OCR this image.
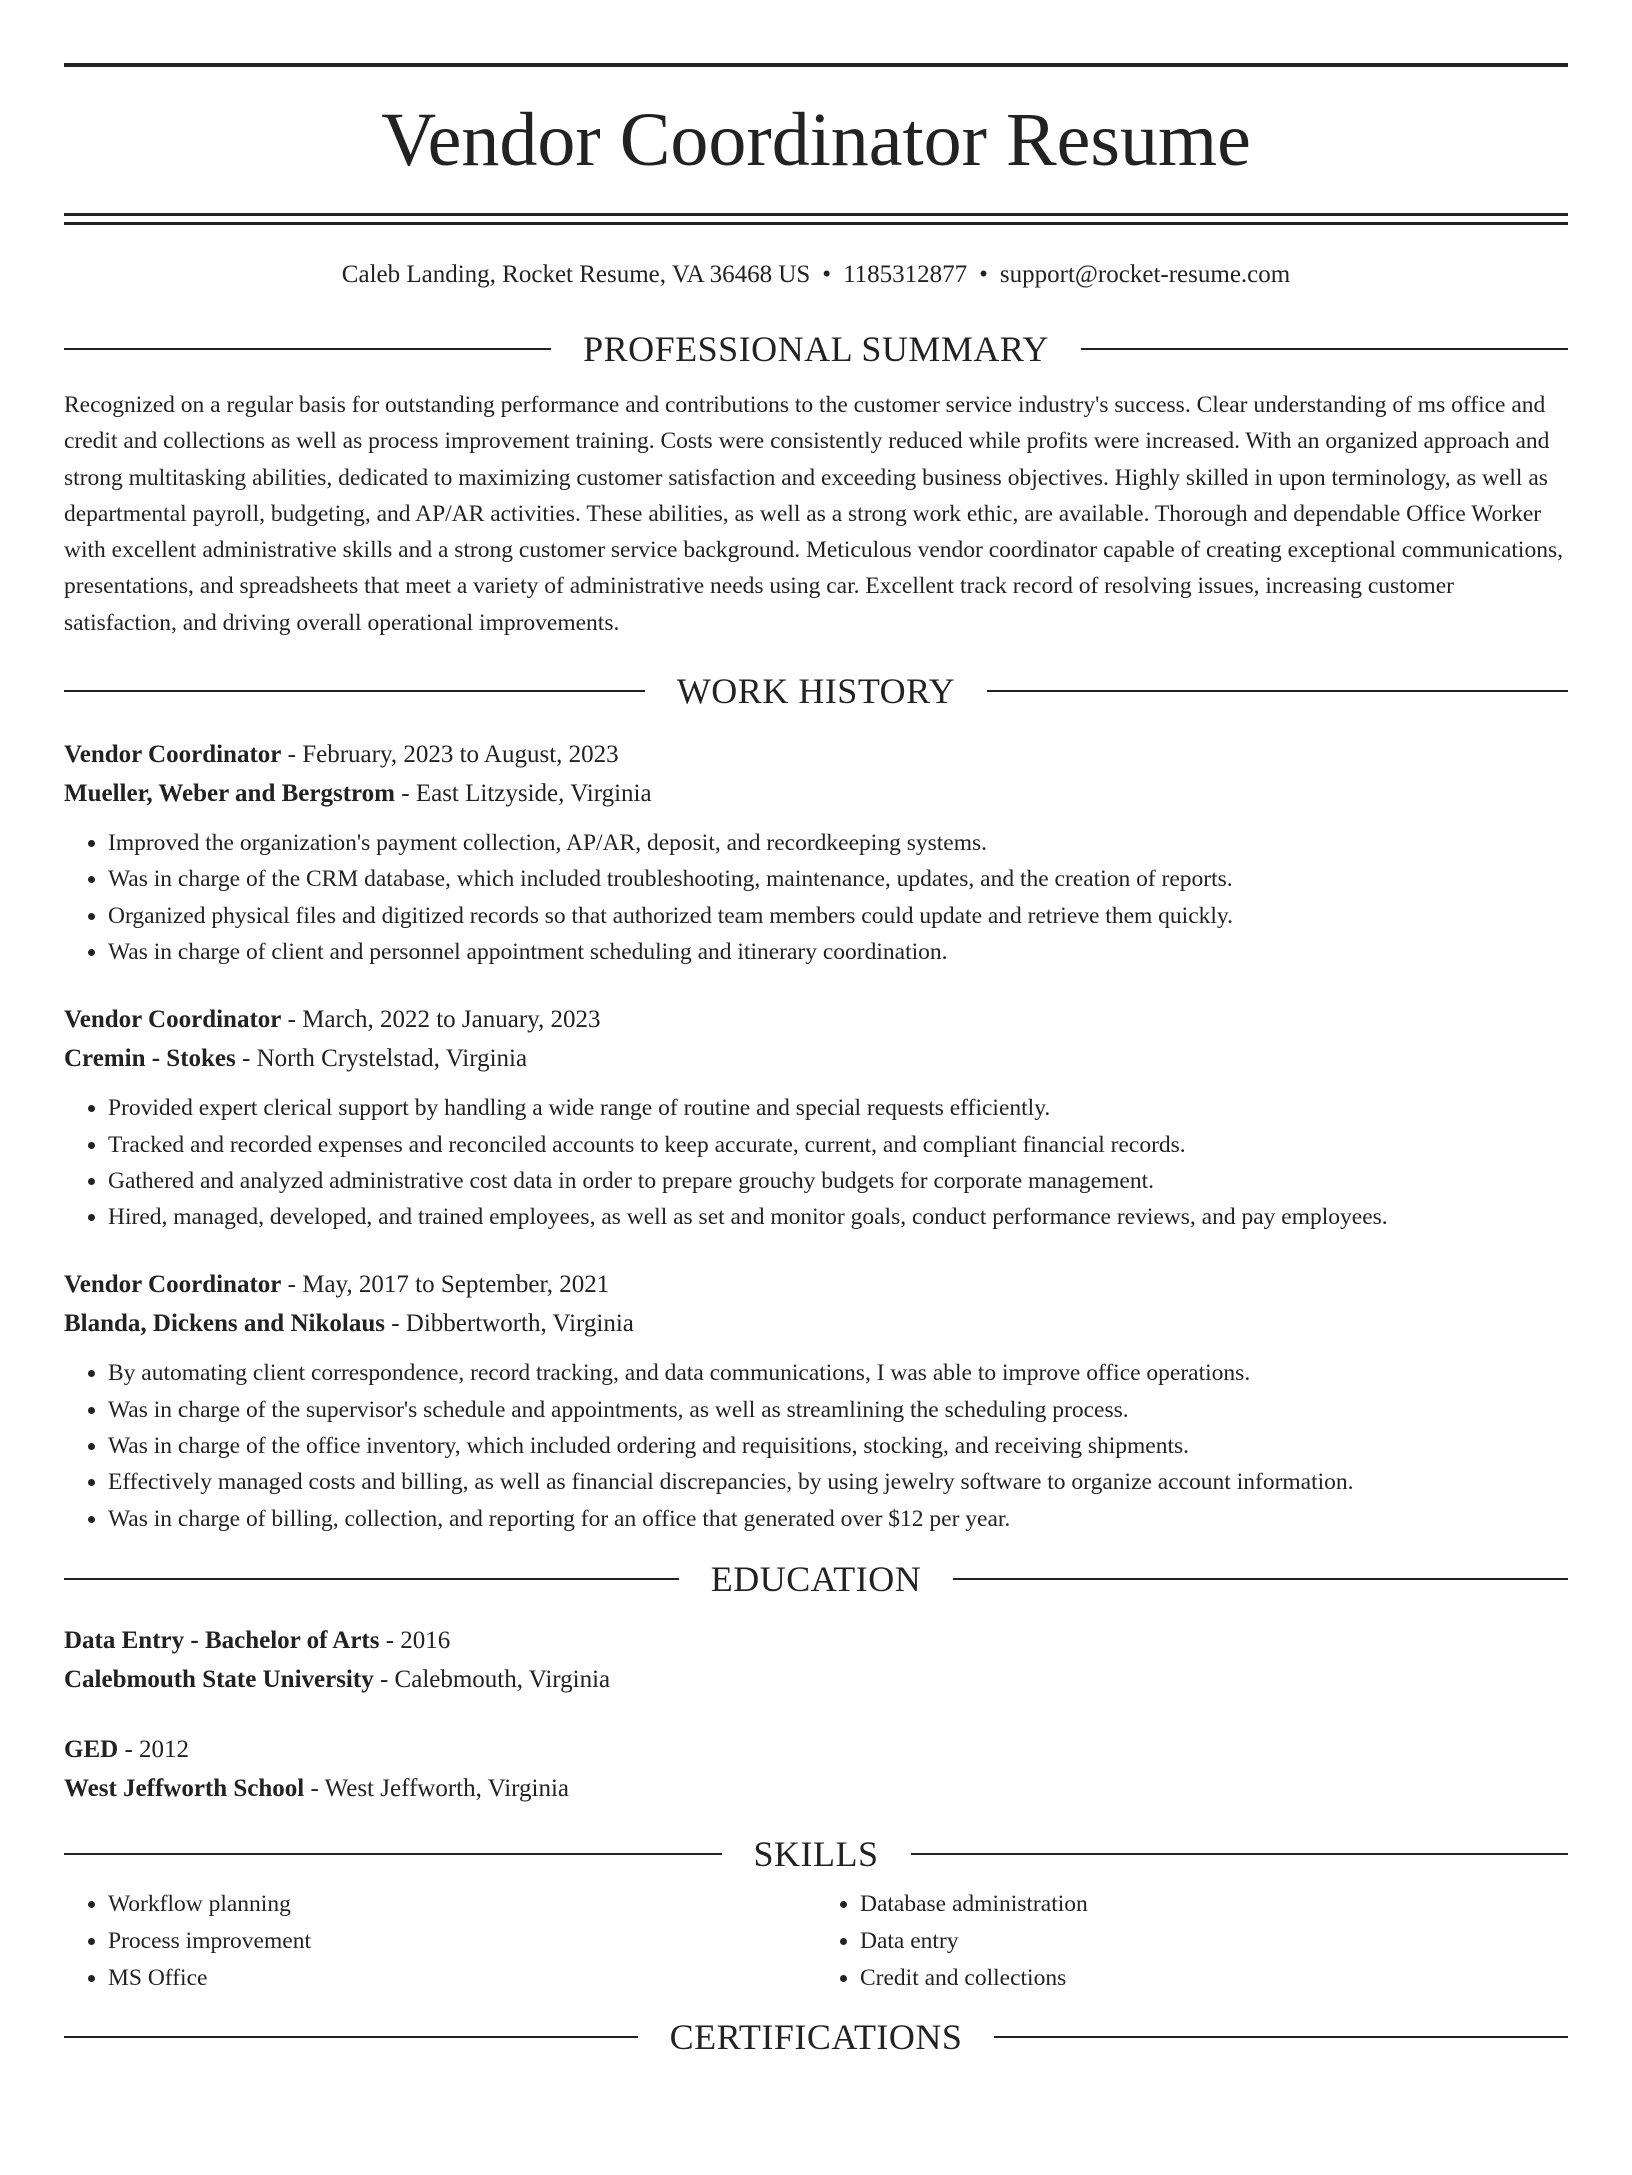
Vendor Coordinator Resume
Caleb Landing, Rocket Resume, VA 36468 US • 1185312877 • support@rocket-resume.com
PROFESSIONAL SUMMARY
Recognized on a regular basis for outstanding performance and contributions to the customer service industry's success. Clear understanding of ms office and credit and collections as well as process improvement training. Costs were consistently reduced while profits were increased. With an organized approach and strong multitasking abilities, dedicated to maximizing customer satisfaction and exceeding business objectives. Highly skilled in upon terminology, as well as departmental payroll, budgeting, and AP/AR activities. These abilities, as well as a strong work ethic, are available. Thorough and dependable Office Worker with excellent administrative skills and a strong customer service background. Meticulous vendor coordinator capable of creating exceptional communications, presentations, and spreadsheets that meet a variety of administrative needs using car. Excellent track record of resolving issues, increasing customer satisfaction, and driving overall operational improvements.
WORK HISTORY
Vendor Coordinator - February, 2023 to August, 2023
Mueller, Weber and Bergstrom - East Litzyside, Virginia
• Improved the organization's payment collection, AP/AR, deposit, and recordkeeping systems.
• Was in charge of the CRM database, which included troubleshooting, maintenance, updates, and the creation of reports.
• Organized physical files and digitized records so that authorized team members could update and retrieve them quickly.
• Was in charge of client and personnel appointment scheduling and itinerary coordination.
Vendor Coordinator - March, 2022 to January, 2023
Cremin - Stokes - North Crystelstad, Virginia
• Provided expert clerical support by handling a wide range of routine and special requests efficiently.
• Tracked and recorded expenses and reconciled accounts to keep accurate, current, and compliant financial records.
• Gathered and analyzed administrative cost data in order to prepare grouchy budgets for corporate management.
• Hired, managed, developed, and trained employees, as well as set and monitor goals, conduct performance reviews, and pay employees.
Vendor Coordinator - May, 2017 to September, 2021
Blanda, Dickens and Nikolaus - Dibbertworth, Virginia
• By automating client correspondence, record tracking, and data communications, I was able to improve office operations.
• Was in charge of the supervisor's schedule and appointments, as well as streamlining the scheduling process.
• Was in charge of the office inventory, which included ordering and requisitions, stocking, and receiving shipments.
• Effectively managed costs and billing, as well as financial discrepancies, by using jewelry software to organize account information.
• Was in charge of billing, collection, and reporting for an office that generated over $12 per year.
EDUCATION
Data Entry - Bachelor of Arts - 2016
Calebmouth State University - Calebmouth, Virginia
GED - 2012
West Jeffworth School - West Jeffworth, Virginia
SKILLS
• Workflow planning
• Process improvement
• MS Office
• Database administration
• Data entry
• Credit and collections
CERTIFICATIONS
